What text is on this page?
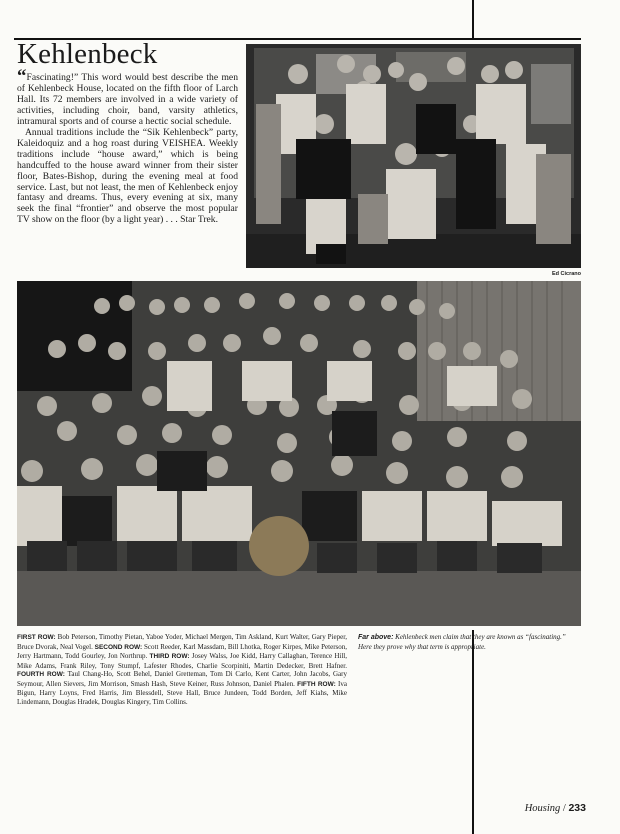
Kehlenbeck

“Fascinating!” This word would best describe the men of Kehlenbeck House, located on the fifth floor of Larch Hall. Its 72 members are involved in a wide variety of activities, including choir, band, varsity athletics, intramural sports and of course a hectic social schedule.

Annual traditions include the “Sik Kehlenbeck” party, Kaleidoquiz and a hog roast during VEISHEA. Weekly traditions include “house award,” which is being handcuffed to the house award winner from their sister floor, Bates-Bishop, during the evening meal at food service. Last, but not least, the men of Kehlenbeck enjoy fantasy and dreams. Thus, every evening at six, many seek the final “frontier” and observe the most popular TV show on the floor (by a light year) . . . Star Trek.

Ed Cicrano

FIRST ROW: Bob Peterson, Timothy Pietan, Yaboe Yoder, Michael Mergen, Tim Askland, Kurt Walter, Gary Pieper, Bruce Dvorak, Neal Vogel. SECOND ROW: Scott Reeder, Karl Massdam, Bill Lhotka, Roger Kirpes, Mike Peterson, Jerry Hartmann, Todd Gourley, Jon Northrup. THIRD ROW: Josey Walss, Joe Kidd, Harry Callaghan, Terence Hill, Mike Adams, Frank Riley, Tony Stumpf, Lafester Rhodes, Charlie Scorpiniti, Martin Dedecker, Brett Hafner. FOURTH ROW: Taul Chang-Ho, Scott Behel, Daniel Gretteman, Tom Di Carlo, Kent Carter, John Jacobs, Gary Seymour, Allen Sievers, Jim Morrison, Smash Hash, Steve Keiner, Russ Johnson, Daniel Phalen. FIFTH ROW: Iva Bigun, Harry Loyns, Fred Harris, Jim Blessdell, Steve Hall, Bruce Jundeen, Todd Borden, Jeff Kiahs, Mike Lindemann, Douglas Hradek, Douglas Kingery, Tim Collins.

Far above: Kehlenbeck men claim that they are known as “fascinating.” Here they prove why that term is appropriate.

Housing / 233
